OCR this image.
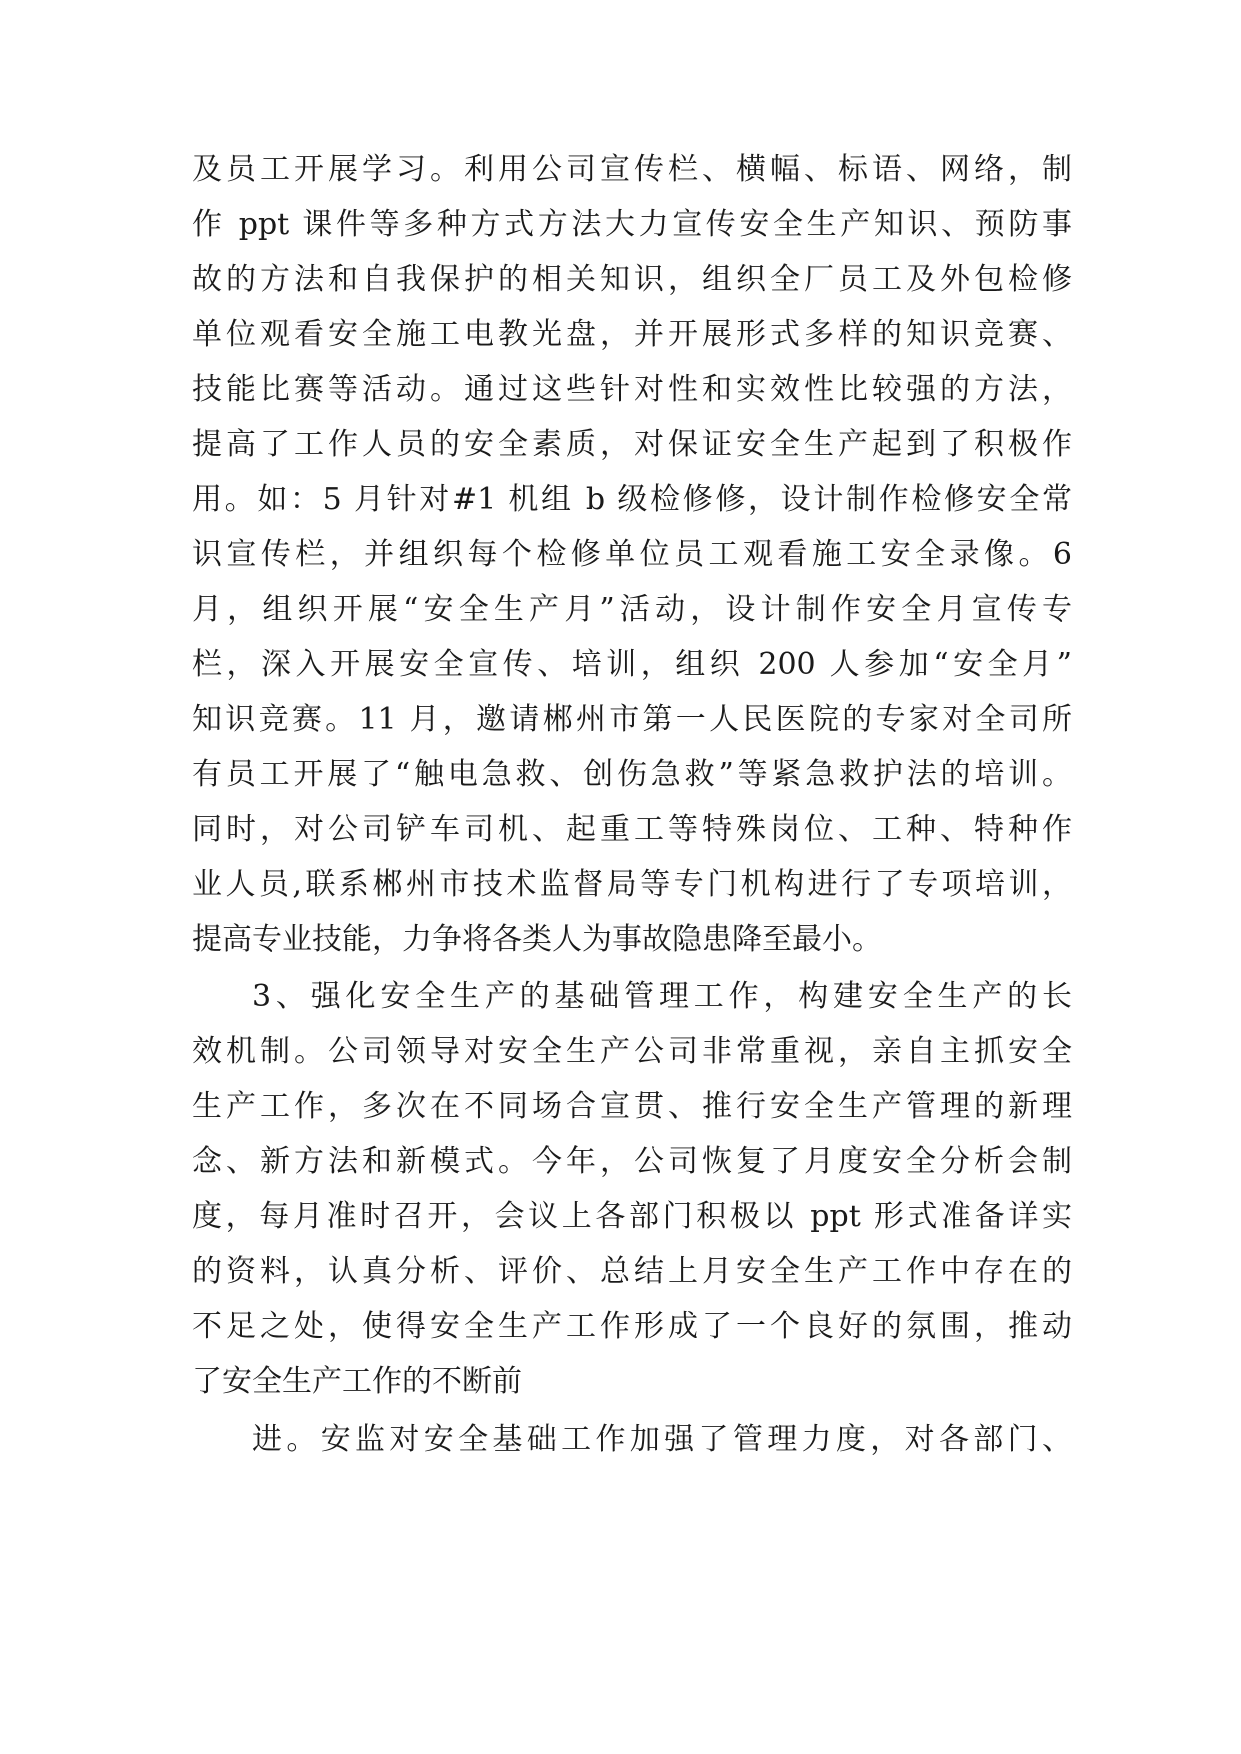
及员工开展学习。利用公司宣传栏、横幅、标语、网络，制
作 ppt 课件等多种方式方法大力宣传安全生产知识、预防事
故的方法和自我保护的相关知识，组织全厂员工及外包检修
单位观看安全施工电教光盘，并开展形式多样的知识竞赛、
技能比赛等活动。通过这些针对性和实效性比较强的方法，
提高了工作人员的安全素质，对保证安全生产起到了积极作
用。如：5 月针对#1 机组 b 级检修修，设计制作检修安全常
识宣传栏，并组织每个检修单位员工观看施工安全录像。6
月，组织开展“安全生产月”活动，设计制作安全月宣传专
栏，深入开展安全宣传、培训，组织 200 人参加“安全月”
知识竞赛。11 月，邀请郴州市第一人民医院的专家对全司所
有员工开展了“触电急救、创伤急救”等紧急救护法的培训。
同时，对公司铲车司机、起重工等特殊岗位、工种、特种作
业人员,联系郴州市技术监督局等专门机构进行了专项培训，
提高专业技能，力争将各类人为事故隐患降至最小。
3、强化安全生产的基础管理工作，构建安全生产的长
效机制。公司领导对安全生产公司非常重视，亲自主抓安全
生产工作，多次在不同场合宣贯、推行安全生产管理的新理
念、新方法和新模式。今年，公司恢复了月度安全分析会制
度，每月准时召开，会议上各部门积极以 ppt 形式准备详实
的资料，认真分析、评价、总结上月安全生产工作中存在的
不足之处，使得安全生产工作形成了一个良好的氛围，推动
了安全生产工作的不断前
进。安监对安全基础工作加强了管理力度，对各部门、
